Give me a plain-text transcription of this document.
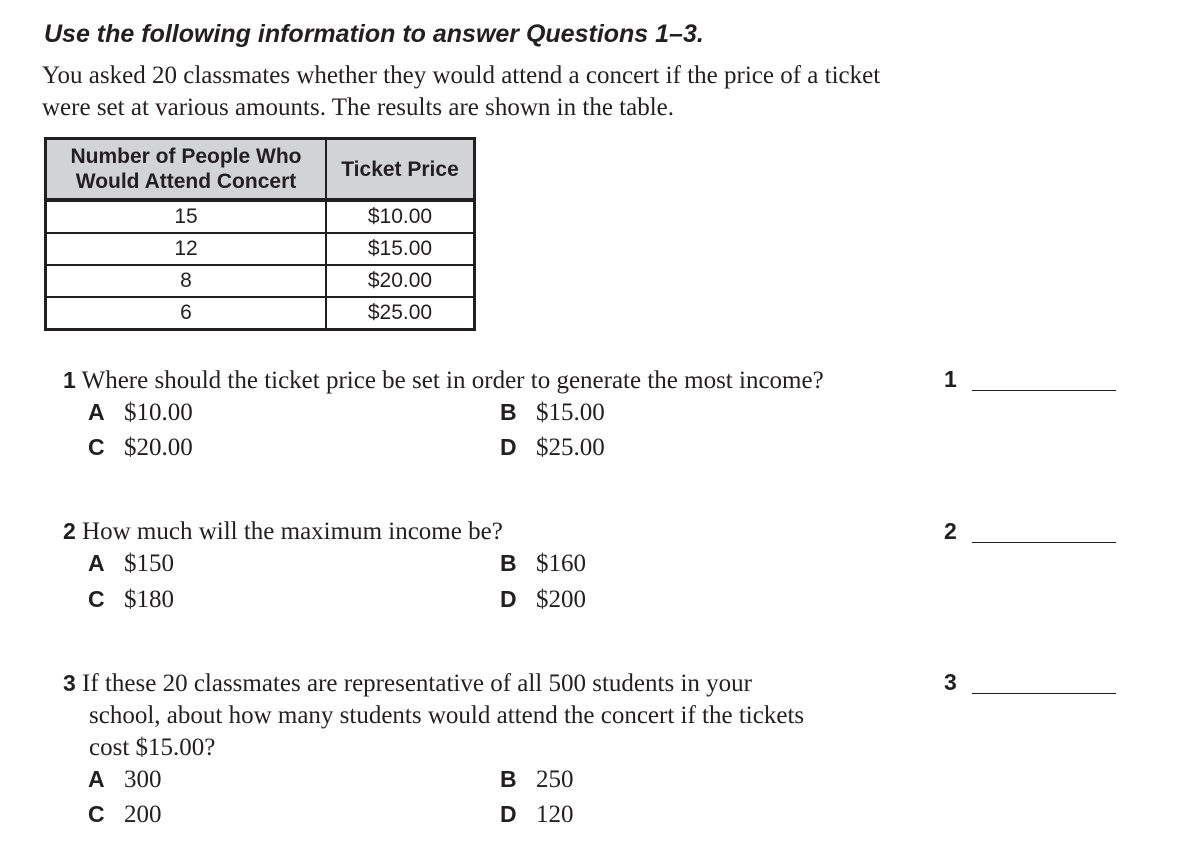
Use the following information to answer Questions 1–3.
You asked 20 classmates whether they would attend a concert if the price of a ticket were set at various amounts. The results are shown in the table.
Number of People Who Would Attend Concert	Ticket Price
15	$10.00
12	$15.00
8	$20.00
6	$25.00
1 Where should the ticket price be set in order to generate the most income?
A $10.00	B $15.00
C $20.00	D $25.00
1
2 How much will the maximum income be?
A $150	B $160
C $180	D $200
2
3 If these 20 classmates are representative of all 500 students in your
school, about how many students would attend the concert if the tickets
cost $15.00?
A 300	B 250
C 200	D 120
3
